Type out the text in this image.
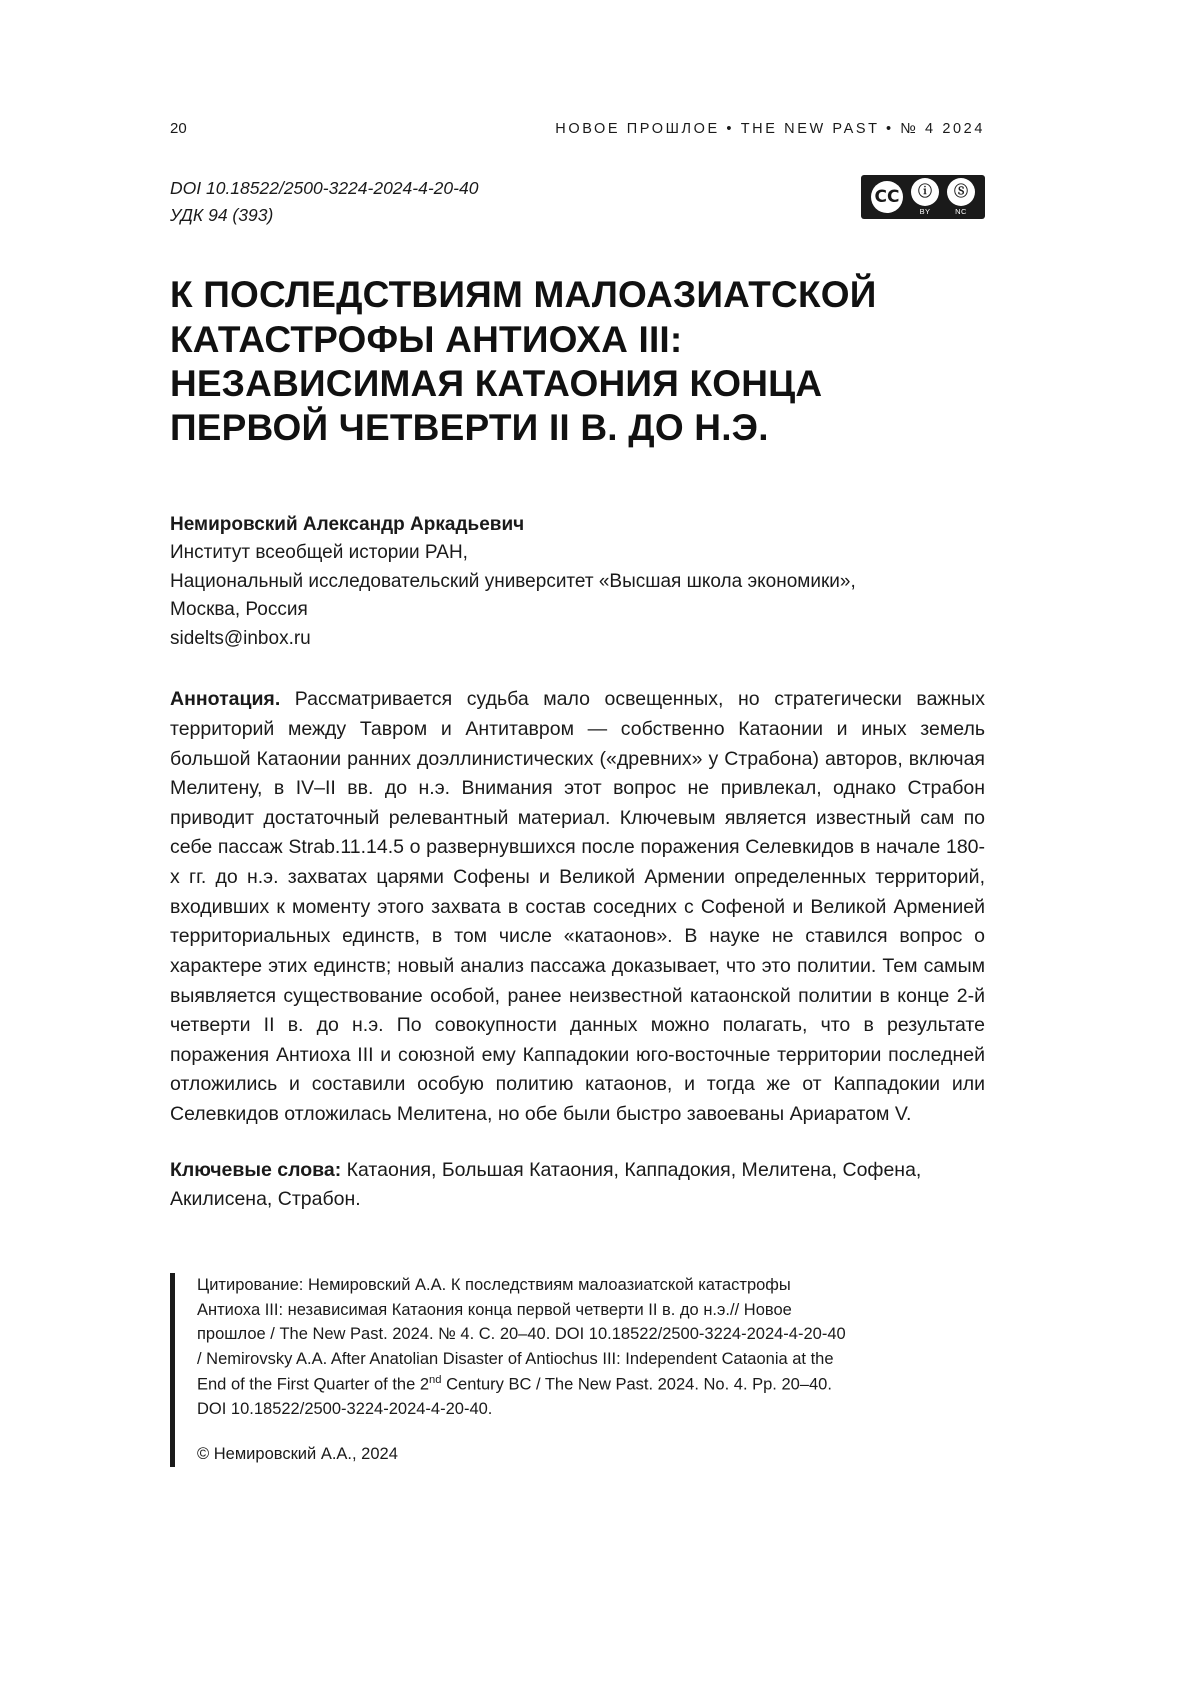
20	НОВОЕ ПРОШЛОЕ • THE NEW PAST • № 4 2024
DOI 10.18522/2500-3224-2024-4-20-40
УДК 94 (393)
CC	ⓘ
BY
Ⓢ
NC
К ПОСЛЕДСТВИЯМ МАЛОАЗИАТСКОЙ КАТАСТРОФЫ АНТИОХА III: НЕЗАВИСИМАЯ КАТАОНИЯ КОНЦА ПЕРВОЙ ЧЕТВЕРТИ II В. ДО Н.Э.
Немировский Александр Аркадьевич
Институт всеобщей истории РАН,
Национальный исследовательский университет «Высшая школа экономики»,
Москва, Россия
sidelts@inbox.ru

Аннотация. Рассматривается судьба мало освещенных, но стратегически важных территорий между Тавром и Антитавром — собственно Катаонии и иных земель большой Катаонии ранних доэллинистических («древних» у Страбона) авторов, включая Мелитену, в IV–II вв. до н.э. Внимания этот вопрос не привлекал, однако Страбон приводит достаточный релевантный материал. Ключевым является известный сам по себе пассаж Strab.11.14.5 о развернувшихся после поражения Селевкидов в начале 180-х гг. до н.э. захватах царями Софены и Великой Армении определенных территорий, входивших к моменту этого захвата в состав соседних с Софеной и Великой Арменией территориальных единств, в том числе «катаонов». В науке не ставился вопрос о характере этих единств; новый анализ пассажа доказывает, что это политии. Тем самым выявляется существование особой, ранее неизвестной катаонской политии в конце 2-й четверти II в. до н.э. По совокупности данных можно полагать, что в результате поражения Антиоха III и союзной ему Каппадокии юго-восточные территории последней отложились и составили особую политию катаонов, и тогда же от Каппадокии или Селевкидов отложилась Мелитена, но обе были быстро завоеваны Ариаратом V.

Ключевые слова: Катаония, Большая Катаония, Каппадокия, Мелитена, Софена, Акилисена, Страбон.

Цитирование: Немировский А.А. К последствиям малоазиатской катастрофы
Антиоха III: независимая Катаония конца первой четверти II в. до н.э.// Новое
прошлое / The New Past. 2024. № 4. С. 20–40. DOI 10.18522/2500-3224-2024-4-20-40
/ Nemirovsky A.A. After Anatolian Disaster of Antiochus III: Independent Cataonia at the
End of the First Quarter of the 2nd Century BC / The New Past. 2024. No. 4. Pp. 20–40.
DOI 10.18522/2500-3224-2024-4-20-40.
© Немировский А.А., 2024
